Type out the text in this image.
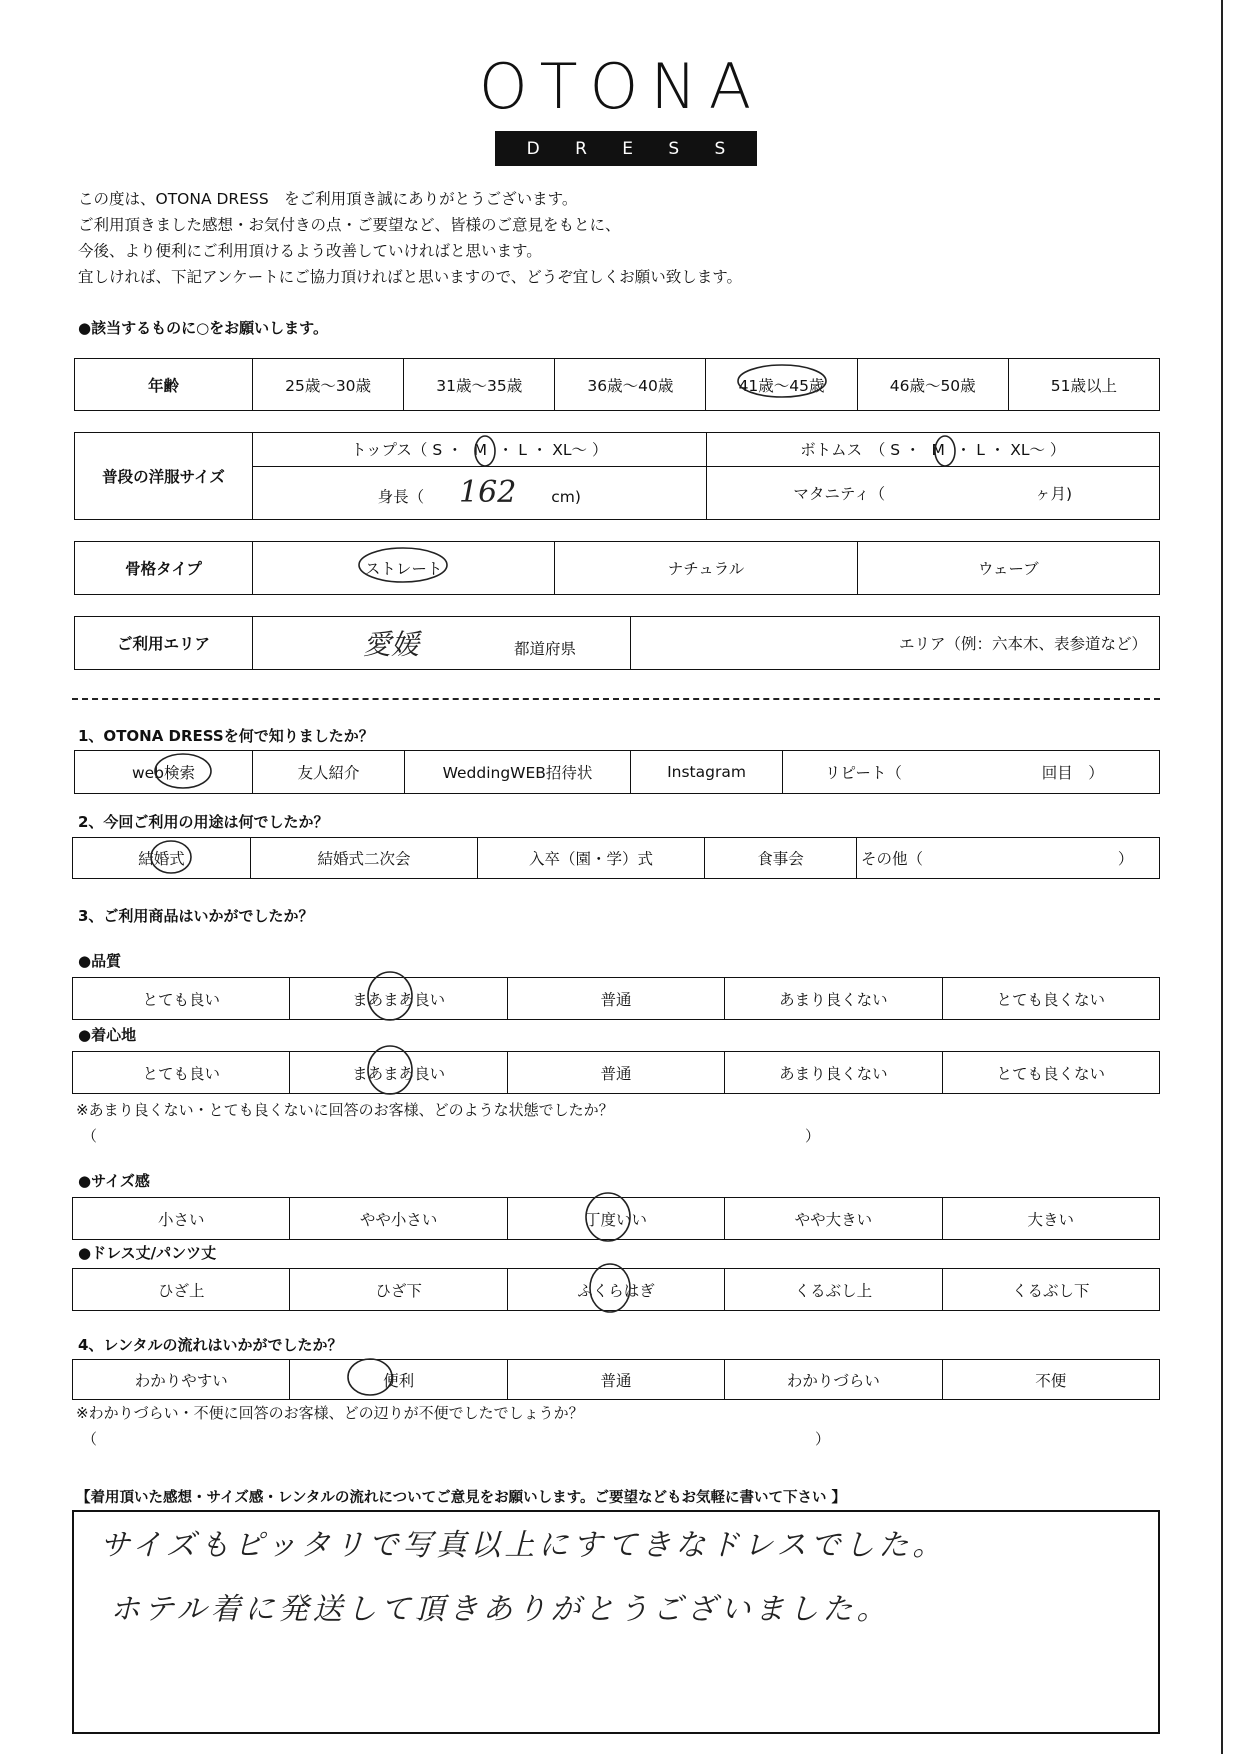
OTONA
D R E S S

この度は、OTONA DRESS　をご利用頂き誠にありがとうございます。

ご利用頂きました感想・お気付きの点・ご要望など、皆様のご意見をもとに、

今後、より便利にご利用頂けるよう改善していければと思います。

宜しければ、下記アンケートにご協力頂ければと思いますので、どうぞ宜しくお願い致します。

●該当するものに○をお願いします。
年齢	25歳～30歳	31歳～35歳	36歳～40歳	41歳～45歳	46歳～50歳	51歳以上
普段の洋服サイズ	トップス（ S ・ M ・ L ・ XL～ ）	ボトムス　（ S ・ M ・ L ・ XL～ ）
	身長（ 162 cm)	マタニティ（ ヶ月)
骨格タイプ	ストレート	ナチュラル	ウェーブ
ご利用エリア	愛媛	都道府県	エリア（例：六本木、表参道など）
1、OTONA DRESSを何で知りましたか？
web検索	友人紹介	WeddingWEB招待状	Instagram	リピート（	回目　）
2、今回ご利用の用途は何でしたか？
結婚式	結婚式二次会	入卒（園・学）式	食事会	その他（	）
3、ご利用商品はいかがでしたか？
●品質
とても良い	まあまあ良い	普通	あまり良くない	とても良くない
●着心地
とても良い	まあまあ良い	普通	あまり良くない	とても良くない
※あまり良くない・とても良くないに回答のお客様、どのような状態でしたか？
（	）
●サイズ感
小さい	やや小さい	丁度いい	やや大きい	大きい
●ドレス丈/パンツ丈
ひざ上	ひざ下	ふくらはぎ	くるぶし上	くるぶし下
4、レンタルの流れはいかがでしたか？
わかりやすい	便利	普通	わかりづらい	不便
※わかりづらい・不便に回答のお客様、どの辺りが不便でしたでしょうか？
（	）
【着用頂いた感想・サイズ感・レンタルの流れについてご意見をお願いします。ご要望などもお気軽に書いて下さい 】
サイズもピッタリで写真以上にすてきなドレスでした。
ホテル着に発送して頂きありがとうございました。
